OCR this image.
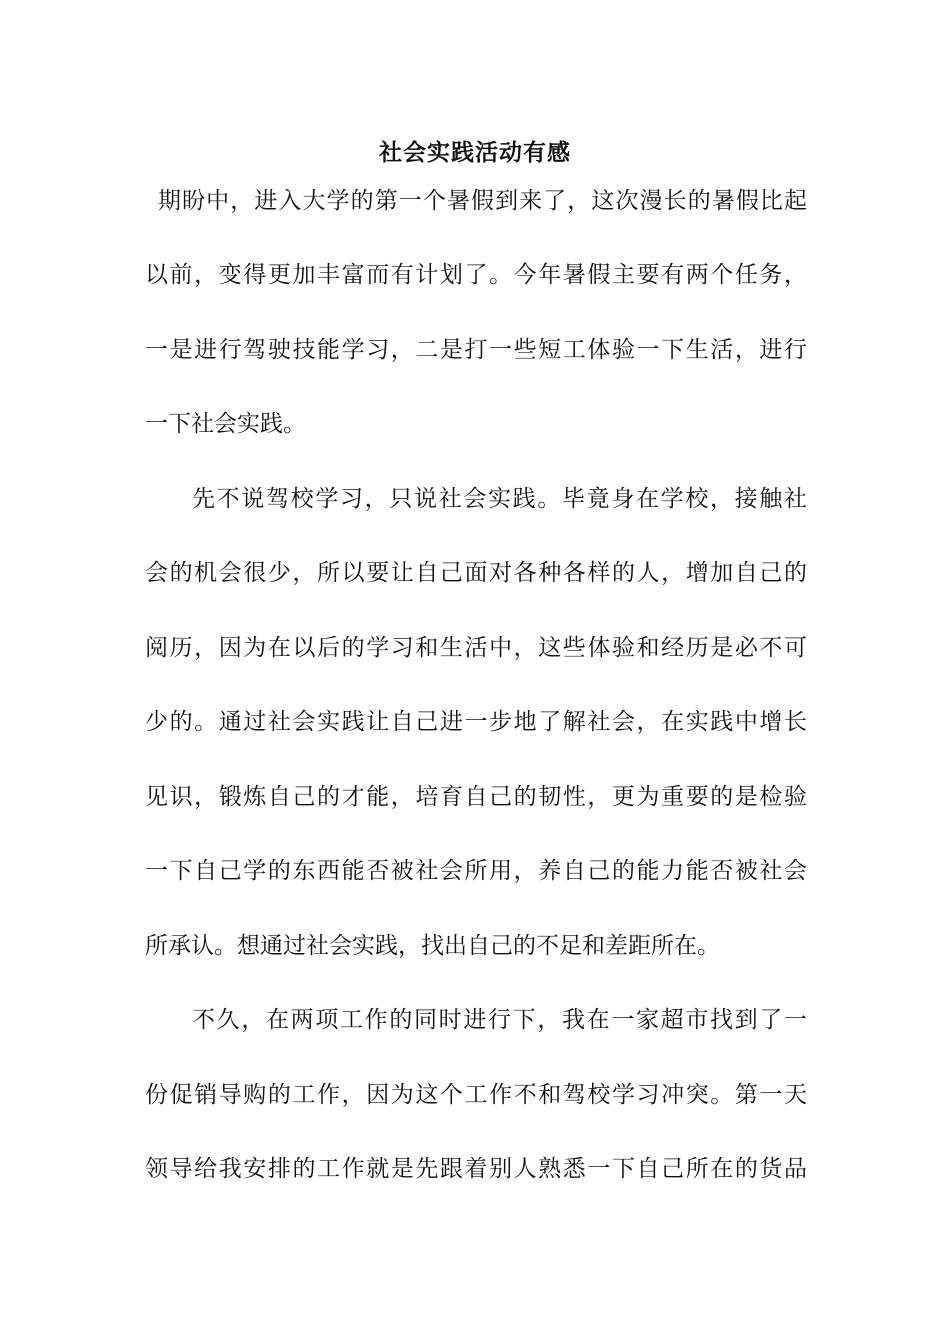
社会实践活动有感
期盼中，进入大学的第一个暑假到来了，这次漫长的暑假比起
以前，变得更加丰富而有计划了。今年暑假主要有两个任务，
一是进行驾驶技能学习，二是打一些短工体验一下生活，进行
一下社会实践。
先不说驾校学习，只说社会实践。毕竟身在学校，接触社
会的机会很少，所以要让自己面对各种各样的人，增加自己的
阅历，因为在以后的学习和生活中，这些体验和经历是必不可
少的。通过社会实践让自己进一步地了解社会，在实践中增长
见识，锻炼自己的才能，培育自己的韧性，更为重要的是检验
一下自己学的东西能否被社会所用，养自己的能力能否被社会
所承认。想通过社会实践，找出自己的不足和差距所在。
不久，在两项工作的同时进行下，我在一家超市找到了一
份促销导购的工作，因为这个工作不和驾校学习冲突。第一天
领导给我安排的工作就是先跟着别人熟悉一下自己所在的货品
